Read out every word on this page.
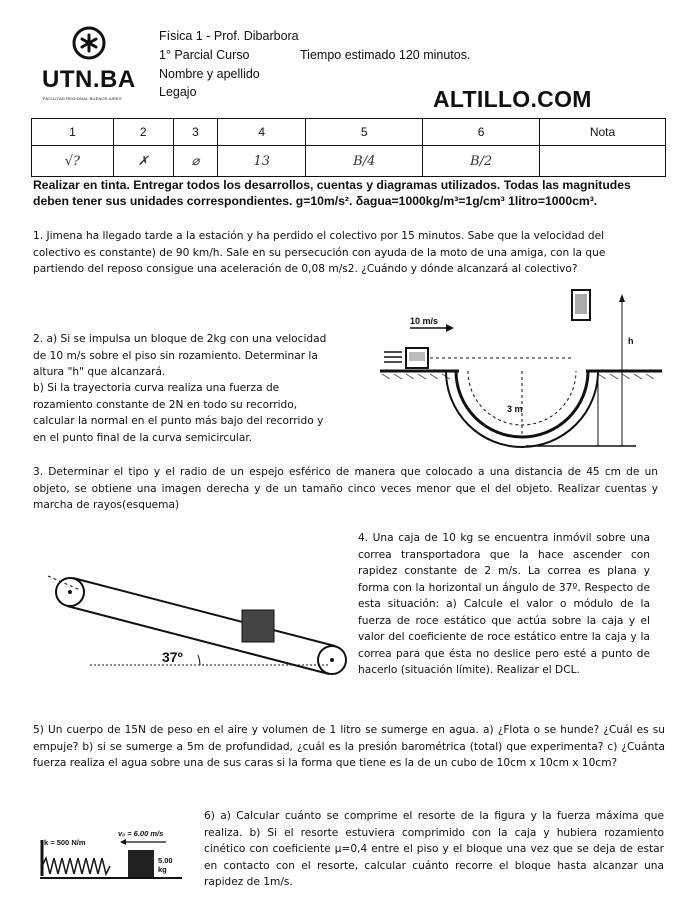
UTN.BA
FACULTAD REGIONAL BUENOS AIRES
Física 1 - Prof. Dibarbora
1° Parcial Curso	Tiempo estimado 120 minutos.
Nombre y apellido
Legajo	ALTILLO.COM
1	2	3	4	5	6	Nota
√?	✗	⌀	13	B/4	B/2	

Realizar en tinta. Entregar todos los desarrollos, cuentas y diagramas utilizados. Todas las magnitudes deben tener sus unidades correspondientes. g=10m/s². δagua=1000kg/m³=1g/cm³ 1litro=1000cm³.

1. Jimena ha llegado tarde a la estación y ha perdido el colectivo por 15 minutos. Sabe que la velocidad del colectivo es constante) de 90 km/h. Sale en su persecución con ayuda de la moto de una amiga, con la que partiendo del reposo consigue una aceleración de 0,08 m/s2. ¿Cuándo y dónde alcanzará al colectivo?

2. a) Si se impulsa un bloque de 2kg con una velocidad de 10 m/s sobre el piso sin rozamiento. Determinar la altura "h" que alcanzará.

b) Si la trayectoria curva realiza una fuerza de rozamiento constante de 2N en todo su recorrido, calcular la normal en el punto más bajo del recorrido y en el punto final de la curva semicircular.

10 m/s
h
3 m

3. Determinar el tipo y el radio de un espejo esférico de manera que colocado a una distancia de 45 cm de un objeto, se obtiene una imagen derecha y de un tamaño cinco veces menor que el del objeto. Realizar cuentas y marcha de rayos(esquema)

4. Una caja de 10 kg se encuentra inmóvil sobre una correa transportadora que la hace ascender con rapidez constante de 2 m/s. La correa es plana y forma con la horizontal un ángulo de 37º. Respecto de esta situación: a) Calcule el valor o módulo de la fuerza de roce estático que actúa sobre la caja y el valor del coeficiente de roce estático entre la caja y la correa para que ésta no deslice pero esté a punto de hacerlo (situación límite). Realizar el DCL.

37º

5) Un cuerpo de 15N de peso en el aire y volumen de 1 litro se sumerge en agua. a) ¿Flota o se hunde? ¿Cuál es su empuje? b) si se sumerge a 5m de profundidad, ¿cuál es la presión barométrica (total) que experimenta? c) ¿Cuánta fuerza realiza el agua sobre una de sus caras si la forma que tiene es la de un cubo de 10cm x 10cm x 10cm?

6) a) Calcular cuánto se comprime el resorte de la figura y la fuerza máxima que realiza. b) Si el resorte estuviera comprimido con la caja y hubiera rozamiento cinético con coeficiente μ=0,4 entre el piso y el bloque una vez que se deja de estar en contacto con el resorte, calcular cuánto recorre el bloque hasta alcanzar una rapidez de 1m/s.

k = 500 N/m
v₀ = 6.00 m/s
5.00 kg
